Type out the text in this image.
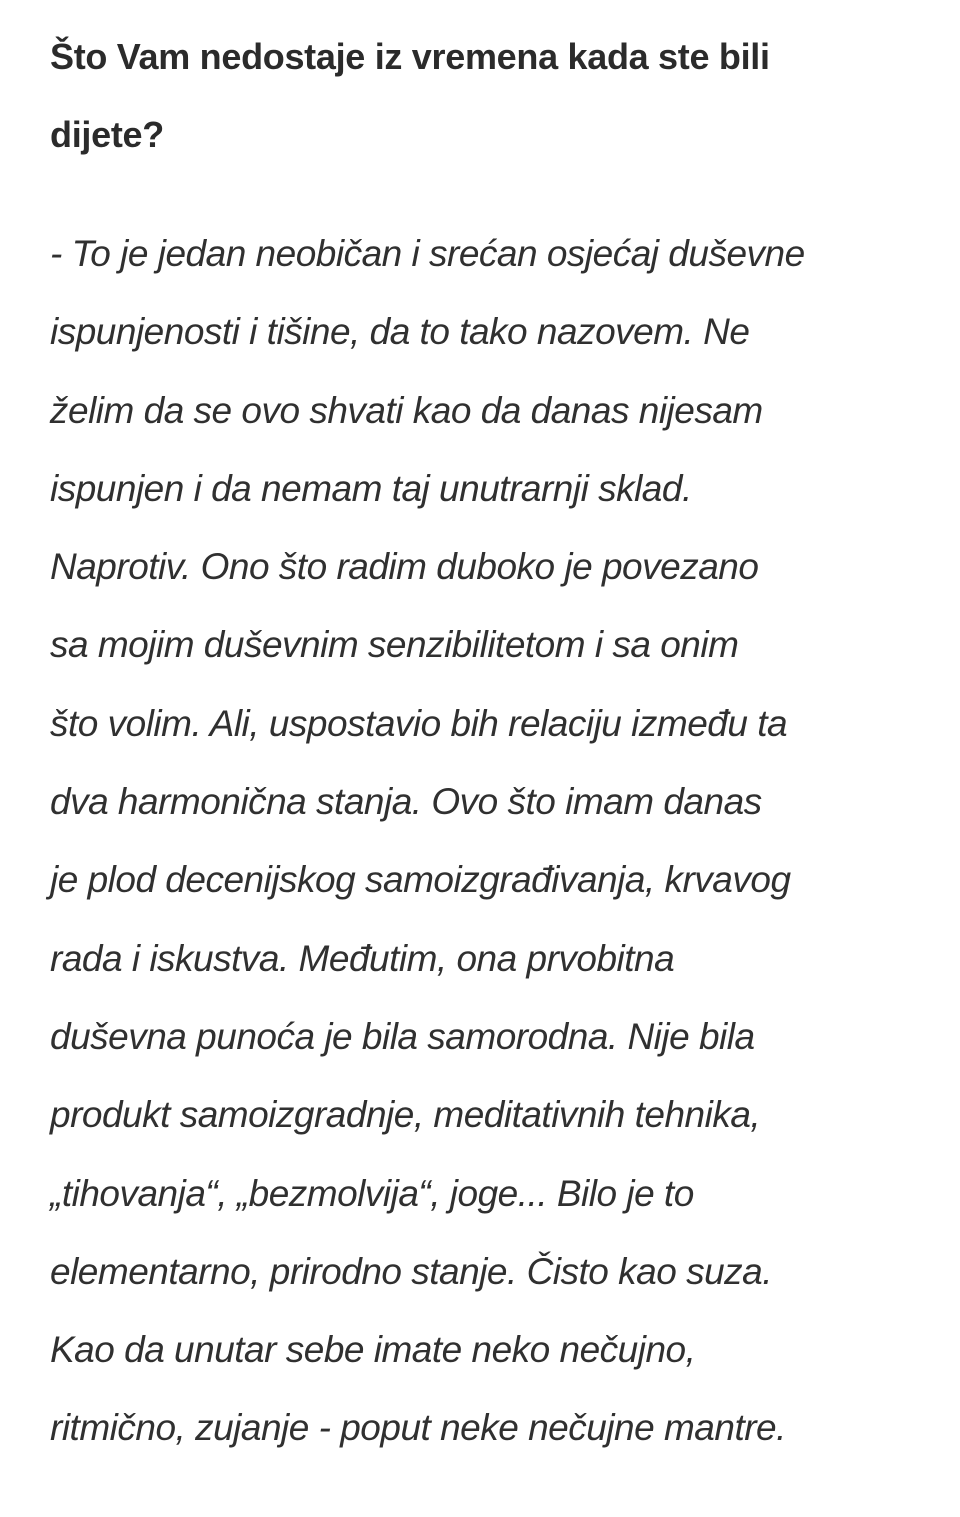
Što Vam nedostaje iz vremena kada ste bili
dijete?

- To je jedan neobičan i srećan osjećaj duševne
ispunjenosti i tišine, da to tako nazovem. Ne
želim da se ovo shvati kao da danas nijesam
ispunjen i da nemam taj unutrarnji sklad.
Naprotiv. Ono što radim duboko je povezano
sa mojim duševnim senzibilitetom i sa onim
što volim. Ali, uspostavio bih relaciju između ta
dva harmonična stanja. Ovo što imam danas
je plod decenijskog samoizgrađivanja, krvavog
rada i iskustva. Međutim, ona prvobitna
duševna punoća je bila samorodna. Nije bila
produkt samoizgradnje, meditativnih tehnika,
„tihovanja“, „bezmolvija“, joge... Bilo je to
elementarno, prirodno stanje. Čisto kao suza.
Kao da unutar sebe imate neko nečujno,
ritmično, zujanje - poput neke nečujne mantre.
